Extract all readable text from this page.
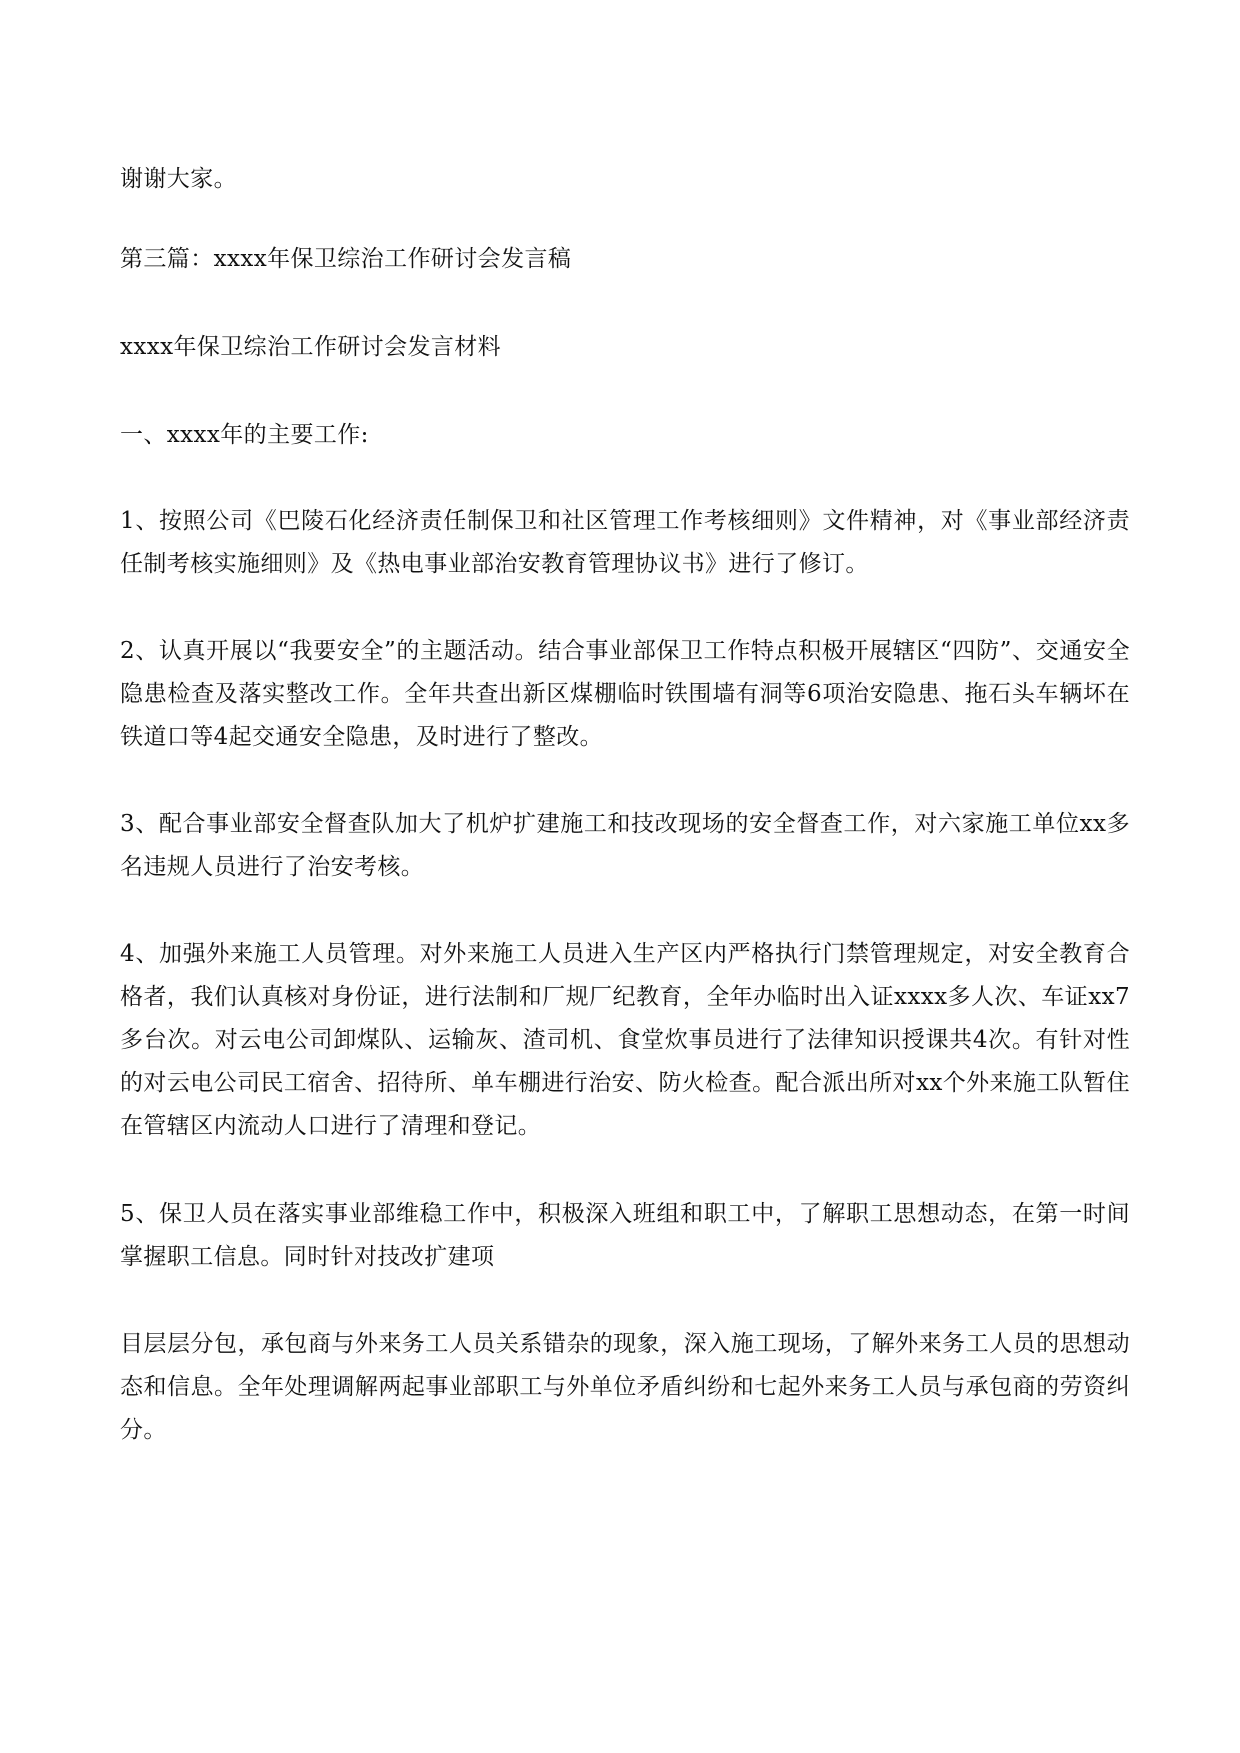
谢谢大家。

第三篇：xxxx年保卫综治工作研讨会发言稿

xxxx年保卫综治工作研讨会发言材料

一、xxxx年的主要工作:

1、按照公司《巴陵石化经济责任制保卫和社区管理工作考核细则》文件精神，对《事业部经济责任制考核实施细则》及《热电事业部治安教育管理协议书》进行了修订。

2、认真开展以“我要安全”的主题活动。结合事业部保卫工作特点积极开展辖区“四防”、交通安全隐患检查及落实整改工作。全年共查出新区煤棚临时铁围墙有洞等6项治安隐患、拖石头车辆坏在铁道口等4起交通安全隐患，及时进行了整改。

3、配合事业部安全督查队加大了机炉扩建施工和技改现场的安全督查工作，对六家施工单位xx多名违规人员进行了治安考核。

4、加强外来施工人员管理。对外来施工人员进入生产区内严格执行门禁管理规定，对安全教育合格者，我们认真核对身份证，进行法制和厂规厂纪教育，全年办临时出入证xxxx多人次、车证xx7多台次。对云电公司卸煤队、运输灰、渣司机、食堂炊事员进行了法律知识授课共4次。有针对性的对云电公司民工宿舍、招待所、单车棚进行治安、防火检查。配合派出所对xx个外来施工队暂住在管辖区内流动人口进行了清理和登记。

5、保卫人员在落实事业部维稳工作中，积极深入班组和职工中，了解职工思想动态，在第一时间掌握职工信息。同时针对技改扩建项

目层层分包，承包商与外来务工人员关系错杂的现象，深入施工现场，了解外来务工人员的思想动态和信息。全年处理调解两起事业部职工与外单位矛盾纠纷和七起外来务工人员与承包商的劳资纠分。
